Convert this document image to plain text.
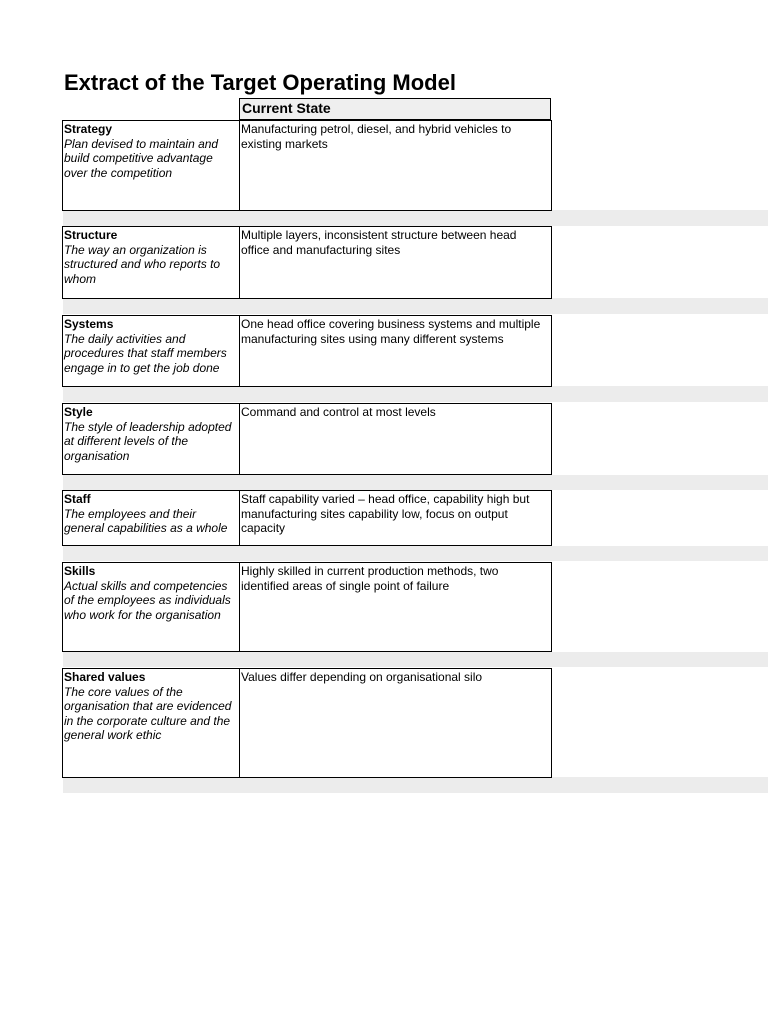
Extract of the Target Operating Model
Current State
Strategy
Plan devised to maintain and build competitive advantage over the competition
Manufacturing petrol, diesel, and hybrid vehicles to existing markets
Structure
The way an organization is structured and who reports to whom
Multiple layers, inconsistent structure between head office and manufacturing sites
Systems
The daily activities and procedures that staff members engage in to get the job done
One head office covering business systems and multiple manufacturing sites using many different systems
Style
The style of leadership adopted at different levels of the organisation
Command and control at most levels
Staff
The employees and their general capabilities as a whole
Staff capability varied – head office, capability high but manufacturing sites capability low, focus on output capacity
Skills
Actual skills and competencies of the employees as individuals who work for the organisation
Highly skilled in current production methods, two identified areas of single point of failure
Shared values
The core values of the organisation that are evidenced in the corporate culture and the general work ethic
Values differ depending on organisational silo
